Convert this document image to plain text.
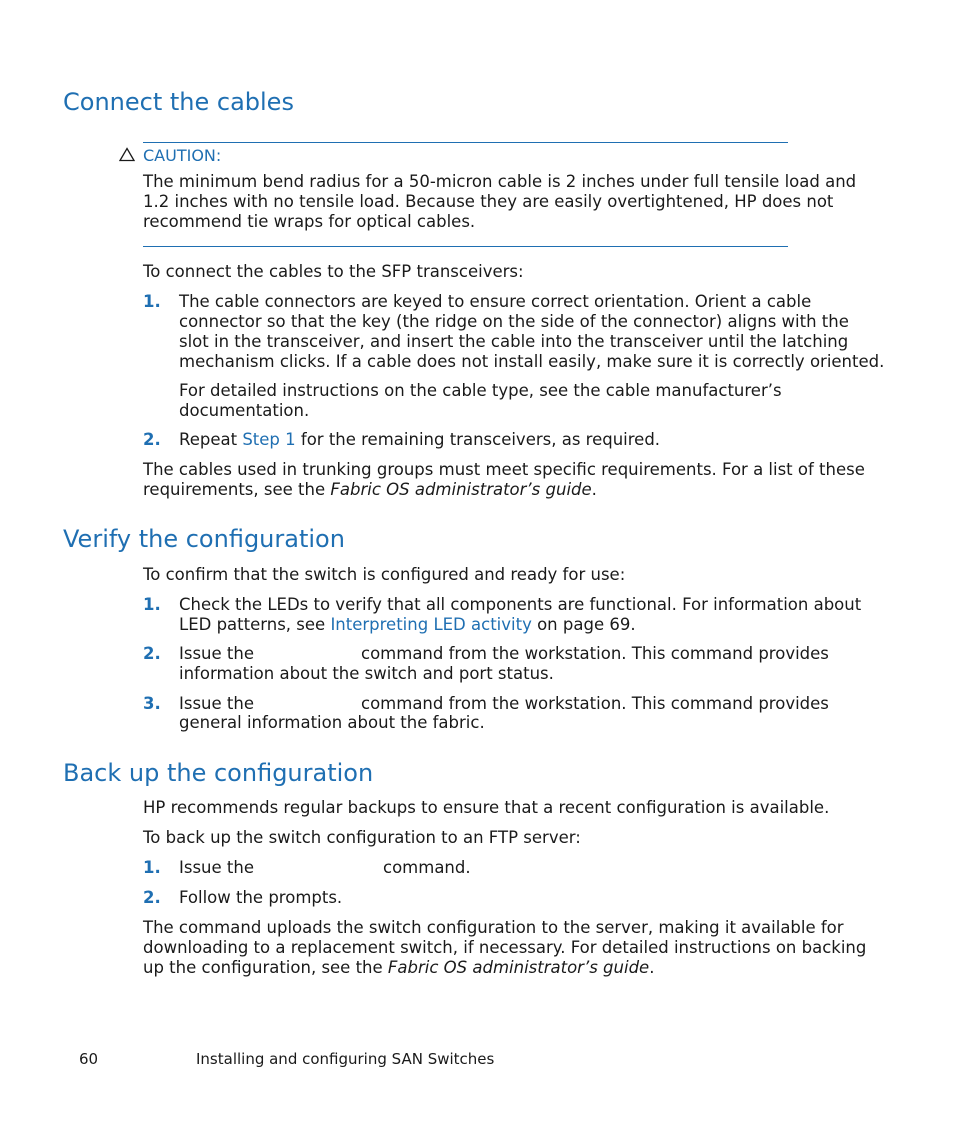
Connect the cables
CAUTION:
The minimum bend radius for a 50-micron cable is 2 inches under full tensile load and
1.2 inches with no tensile load. Because they are easily overtightened, HP does not
recommend tie wraps for optical cables.
To connect the cables to the SFP transceivers:
1. The cable connectors are keyed to ensure correct orientation. Orient a cable
connector so that the key (the ridge on the side of the connector) aligns with the
slot in the transceiver, and insert the cable into the transceiver until the latching
mechanism clicks. If a cable does not install easily, make sure it is correctly oriented.
For detailed instructions on the cable type, see the cable manufacturer’s
documentation.
2. Repeat Step 1 for the remaining transceivers, as required.
The cables used in trunking groups must meet specific requirements. For a list of these
requirements, see the Fabric OS administrator’s guide.
Verify the configuration
To confirm that the switch is configured and ready for use:
1. Check the LEDs to verify that all components are functional. For information about
LED patterns, see Interpreting LED activity on page 69.
2. Issue the	command from the workstation. This command provides
information about the switch and port status.
3. Issue the	command from the workstation. This command provides
general information about the fabric.
Back up the configuration
HP recommends regular backups to ensure that a recent configuration is available.
To back up the switch configuration to an FTP server:
1. Issue the	command.
2. Follow the prompts.
The command uploads the switch configuration to the server, making it available for
downloading to a replacement switch, if necessary. For detailed instructions on backing
up the configuration, see the Fabric OS administrator’s guide.
60	Installing and configuring SAN Switches
